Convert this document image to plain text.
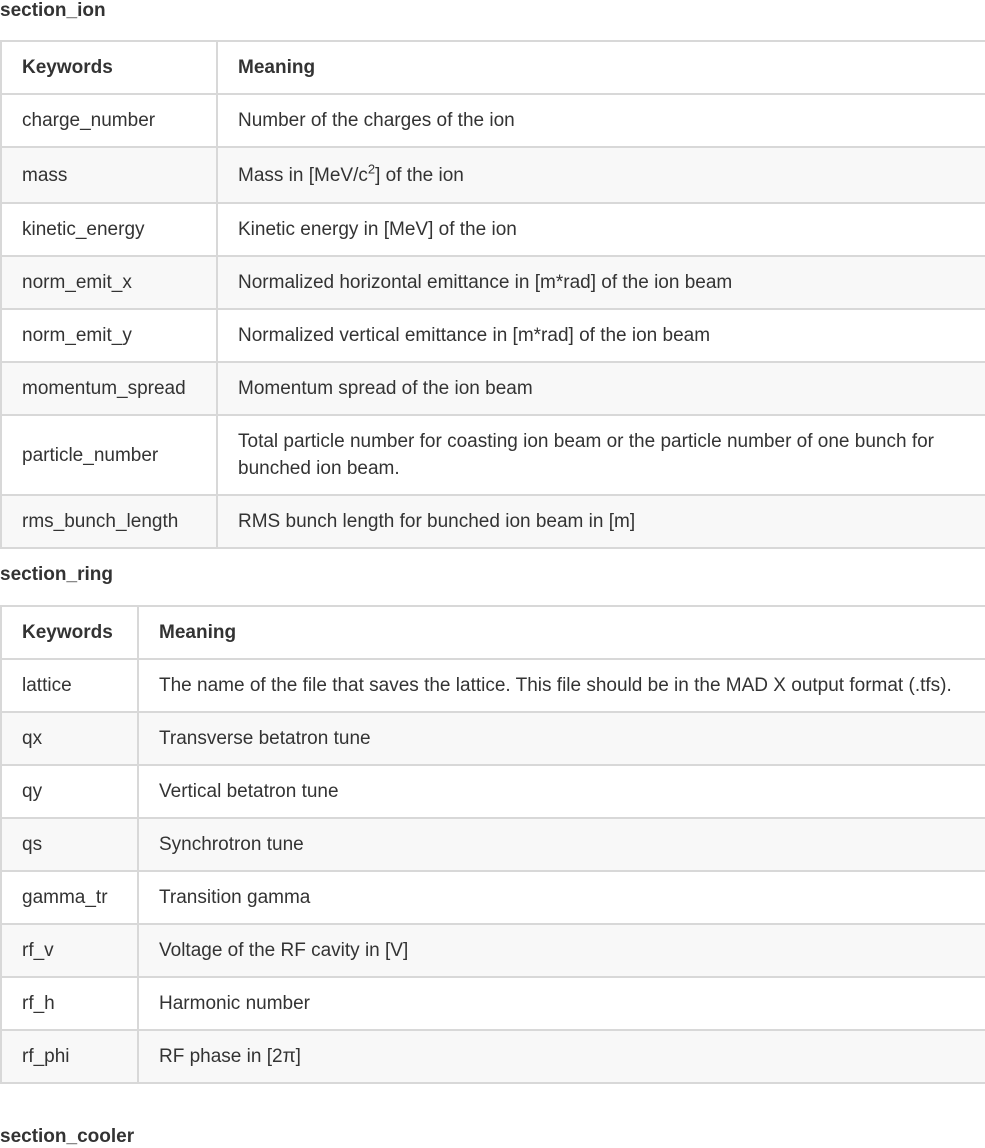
section_ion
Keywords	Meaning
charge_number	Number of the charges of the ion
mass	Mass in $[MeV/c^2]$ of the ion
kinetic_energy	Kinetic energy in [MeV] of the ion
norm_emit_x	Normalized horizontal emittance in [m*rad] of the ion beam
norm_emit_y	Normalized vertical emittance in [m*rad] of the ion beam
momentum_spread	Momentum spread of the ion beam
particle_number	Total particle number for coasting ion beam or the particle number of one bunch for bunched ion beam.
rms_bunch_length	RMS bunch length for bunched ion beam in [m]
section_ring
Keywords	Meaning
lattice	The name of the file that saves the lattice. This file should be in the MAD X output format (.tfs).
qx	Transverse betatron tune
qy	Vertical betatron tune
qs	Synchrotron tune
gamma_tr	Transition gamma
rf_v	Voltage of the RF cavity in [V]
rf_h	Harmonic number
rf_phi	RF phase in [2π]
section_cooler
